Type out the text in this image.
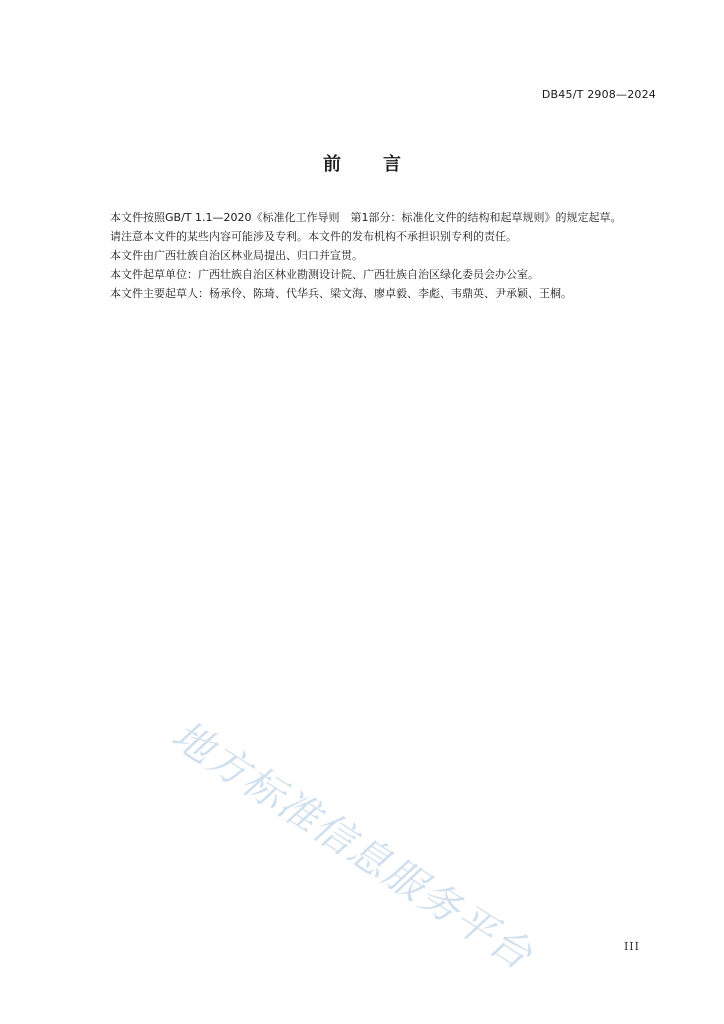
DB45/T 2908—2024
前言

本文件按照GB/T 1.1—2020《标准化工作导则　第1部分：标准化文件的结构和起草规则》的规定起草。

请注意本文件的某些内容可能涉及专利。本文件的发布机构不承担识别专利的责任。

本文件由广西壮族自治区林业局提出、归口并宣贯。

本文件起草单位：广西壮族自治区林业勘测设计院、广西壮族自治区绿化委员会办公室。

本文件主要起草人：杨承伶、陈琦、代华兵、梁文海、廖卓毅、李彪、韦鼎英、尹承颖、王桐。

地方标准信息服务平台	III
